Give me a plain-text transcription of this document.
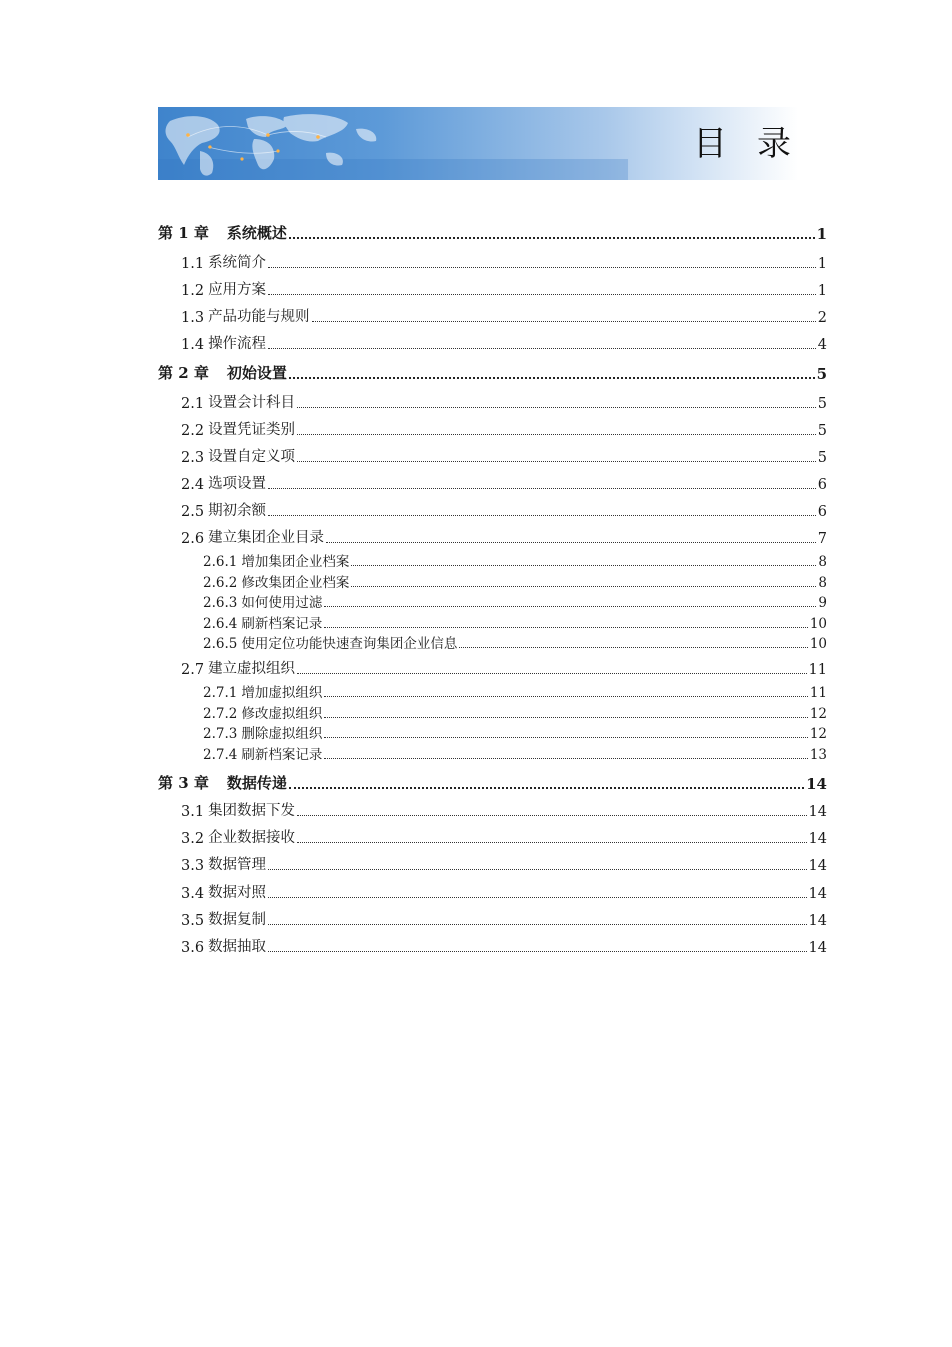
目录
第 1 章 系统概述	1
1.1 系统简介	1
1.2 应用方案	1
1.3 产品功能与规则	2
1.4 操作流程	4
第 2 章 初始设置	5
2.1 设置会计科目	5
2.2 设置凭证类别	5
2.3 设置自定义项	5
2.4 选项设置	6
2.5 期初余额	6
2.6 建立集团企业目录	7
2.6.1 增加集团企业档案	8
2.6.2 修改集团企业档案	8
2.6.3 如何使用过滤	9
2.6.4 刷新档案记录	10
2.6.5 使用定位功能快速查询集团企业信息	10
2.7 建立虚拟组织	11
2.7.1 增加虚拟组织	11
2.7.2 修改虚拟组织	12
2.7.3 删除虚拟组织	12
2.7.4 刷新档案记录	13
第 3 章 数据传递	14
3.1 集团数据下发	14
3.2 企业数据接收	14
3.3 数据管理	14
3.4 数据对照	14
3.5 数据复制	14
3.6 数据抽取	14
